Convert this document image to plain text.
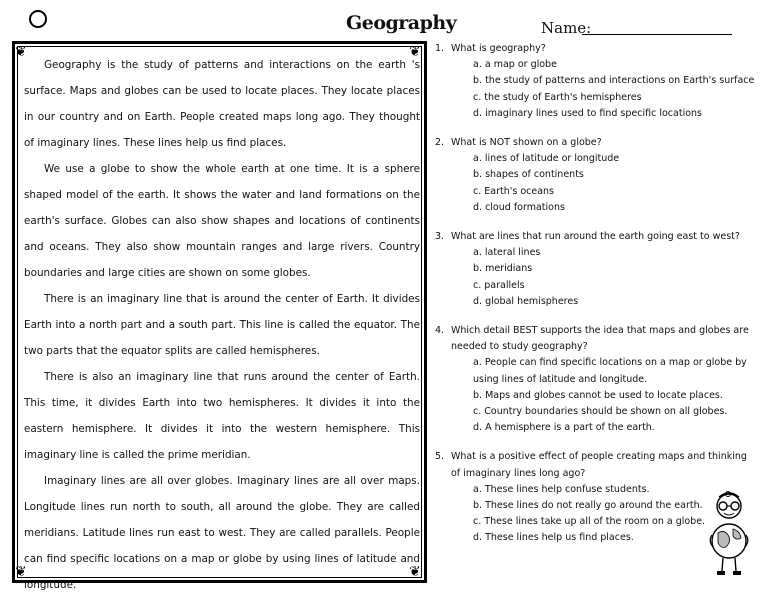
Geography	Name:
❦	❦
❦	❦

Geography is the study of patterns and interactions on the earth 's surface. Maps and globes can be used to locate places. They locate places in our country and on Earth. People created maps long ago. They thought of imaginary lines. These lines help us find places.

We use a globe to show the whole earth at one time. It is a sphere shaped model of the earth. It shows the water and land formations on the earth's surface. Globes can also show shapes and locations of continents and oceans. They also show mountain ranges and large rivers. Country boundaries and large cities are shown on some globes.

There is an imaginary line that is around the center of Earth. It divides Earth into a north part and a south part. This line is called the equator. The two parts that the equator splits are called hemispheres.

There is also an imaginary line that runs around the center of Earth. This time, it divides Earth into two hemispheres. It divides it into the eastern hemisphere. It divides it into the western hemisphere. This imaginary line is called the prime meridian.

Imaginary lines are all over globes. Imaginary lines are all over maps. Longitude lines run north to south, all around the globe. They are called meridians. Latitude lines run east to west. They are called parallels. People can find specific locations on a map or globe by using lines of latitude and longitude.

1. What is geography?
a. a map or globe
b. the study of patterns and interactions on Earth's surface
c. the study of Earth's hemispheres
d. imaginary lines used to find specific locations
2. What is NOT shown on a globe?
a. lines of latitude or longitude
b. shapes of continents
c. Earth's oceans
d. cloud formations
3. What are lines that run around the earth going east to west?
a. lateral lines
b. meridians
c. parallels
d. global hemispheres
4. Which detail BEST supports the idea that maps and globes are needed to study geography?
a. People can find specific locations on a map or globe by using lines of latitude and longitude.
b. Maps and globes cannot be used to locate places.
c. Country boundaries should be shown on all globes.
d. A hemisphere is a part of the earth.
5. What is a positive effect of people creating maps and thinking of imaginary lines long ago?
a. These lines help confuse students.
b. These lines do not really go around the earth.
c. These lines take up all of the room on a globe.
d. These lines help us find places.
